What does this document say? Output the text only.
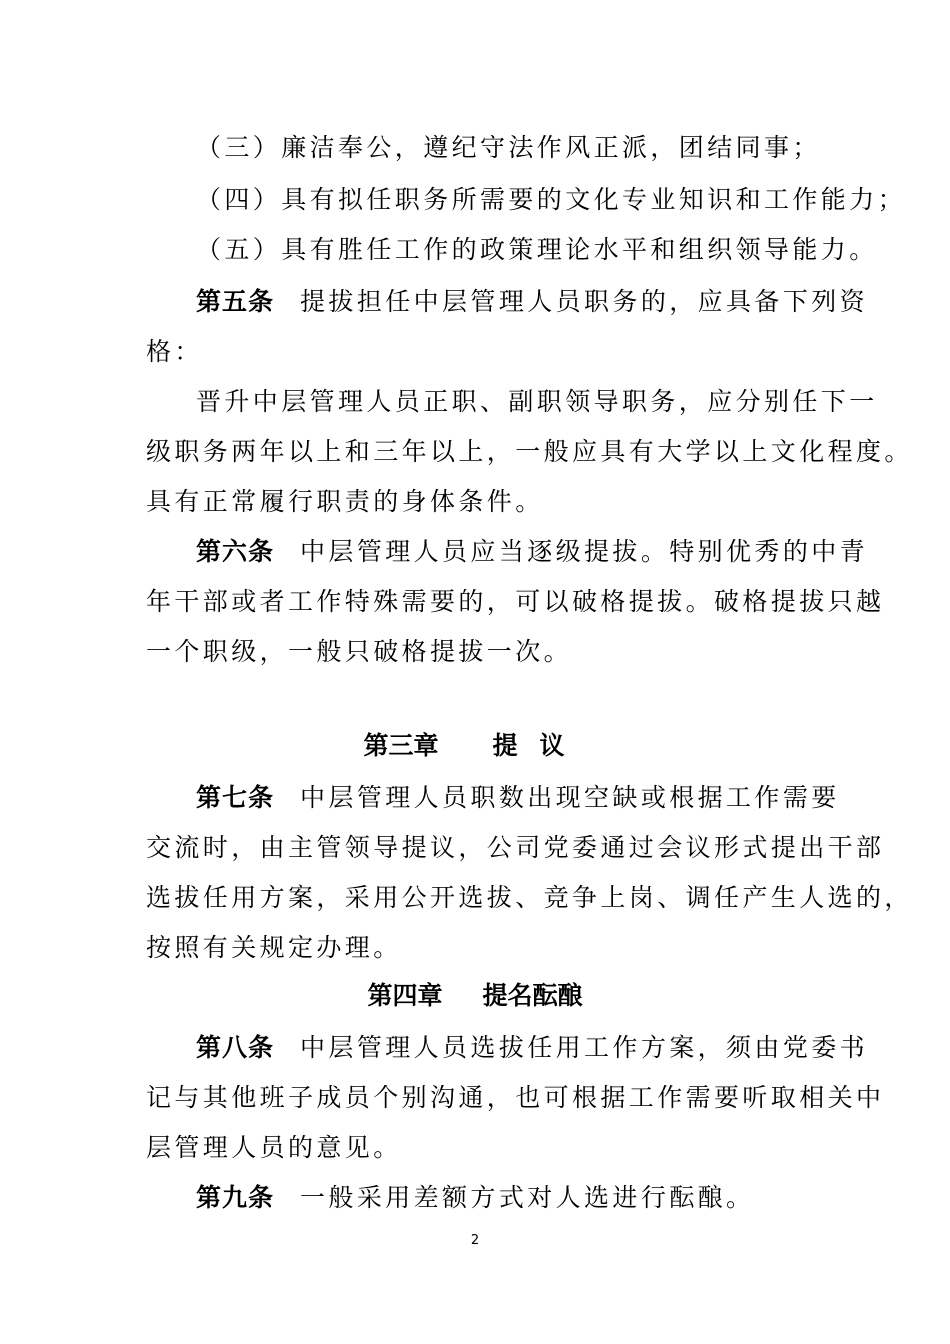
（三）廉洁奉公，遵纪守法作风正派，团结同事；
（四）具有拟任职务所需要的文化专业知识和工作能力；
（五）具有胜任工作的政策理论水平和组织领导能力。
第五条 提拔担任中层管理人员职务的，应具备下列资
格：
晋升中层管理人员正职、副职领导职务，应分别任下一
级职务两年以上和三年以上，一般应具有大学以上文化程度。
具有正常履行职责的身体条件。
第六条 中层管理人员应当逐级提拔。特别优秀的中青
年干部或者工作特殊需要的，可以破格提拔。破格提拔只越
一个职级，一般只破格提拔一次。
第三章 提议
第七条 中层管理人员职数出现空缺或根据工作需要
交流时，由主管领导提议，公司党委通过会议形式提出干部
选拔任用方案，采用公开选拔、竞争上岗、调任产生人选的，
按照有关规定办理。
第四章 提名酝酿
第八条 中层管理人员选拔任用工作方案，须由党委书
记与其他班子成员个别沟通，也可根据工作需要听取相关中
层管理人员的意见。
第九条 一般采用差额方式对人选进行酝酿。
2
